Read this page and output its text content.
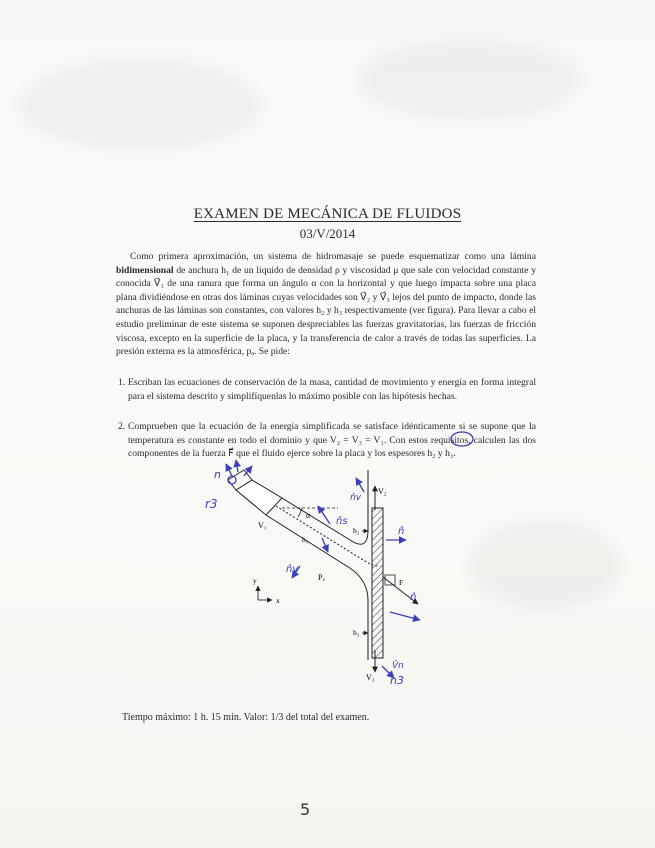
EXAMEN DE MECÁNICA DE FLUIDOS
03/V/2014

Como primera aproximación, un sistema de hidromasaje se puede esquematizar como una lámina bidimensional de anchura h₁ de un líquido de densidad ρ y viscosidad μ que sale con velocidad constante y conocida V⃗₁ de una ranura que forma un ángulo α con la horizontal y que luego impacta sobre una placa plana dividiéndose en otras dos láminas cuyas velocidades son V⃗₂ y V⃗₃ lejos del punto de impacto, donde las anchuras de las láminas son constantes, con valores h₂ y h₃ respectivamente (ver figura). Para llevar a cabo el estudio preliminar de este sistema se suponen despreciables las fuerzas gravitatorias, las fuerzas de fricción viscosa, excepto en la superficie de la placa, y la transferencia de calor a través de todas las superficies. La presión externa es la atmosférica, pₐ. Se pide:

1. Escriban las ecuaciones de conservación de la masa, cantidad de movimiento y energía en forma integral para el sistema descrito y simplifíquenlas lo máximo posible con las hipótesis hechas.
2. Comprueben que la ecuación de la energía simplificada se satisface idénticamente si se supone que la temperatura es constante en todo el dominio y que V₂ = V₃ = V₁. Con estos requisitos, calculen las dos componentes de la fuerza F⃗ que el fluido ejerce sobre la placa y los espesores h₂ y h₃.
V₂
V₃
V₁
α
h₂
h₁
h₃
Pₐ
F
y
x
n
r3	n̂v
n̂s
n̂
n̂
n̂v
n3
V̂n
Tiempo máximo: 1 h. 15 min. Valor: 1/3 del total del examen.
5
